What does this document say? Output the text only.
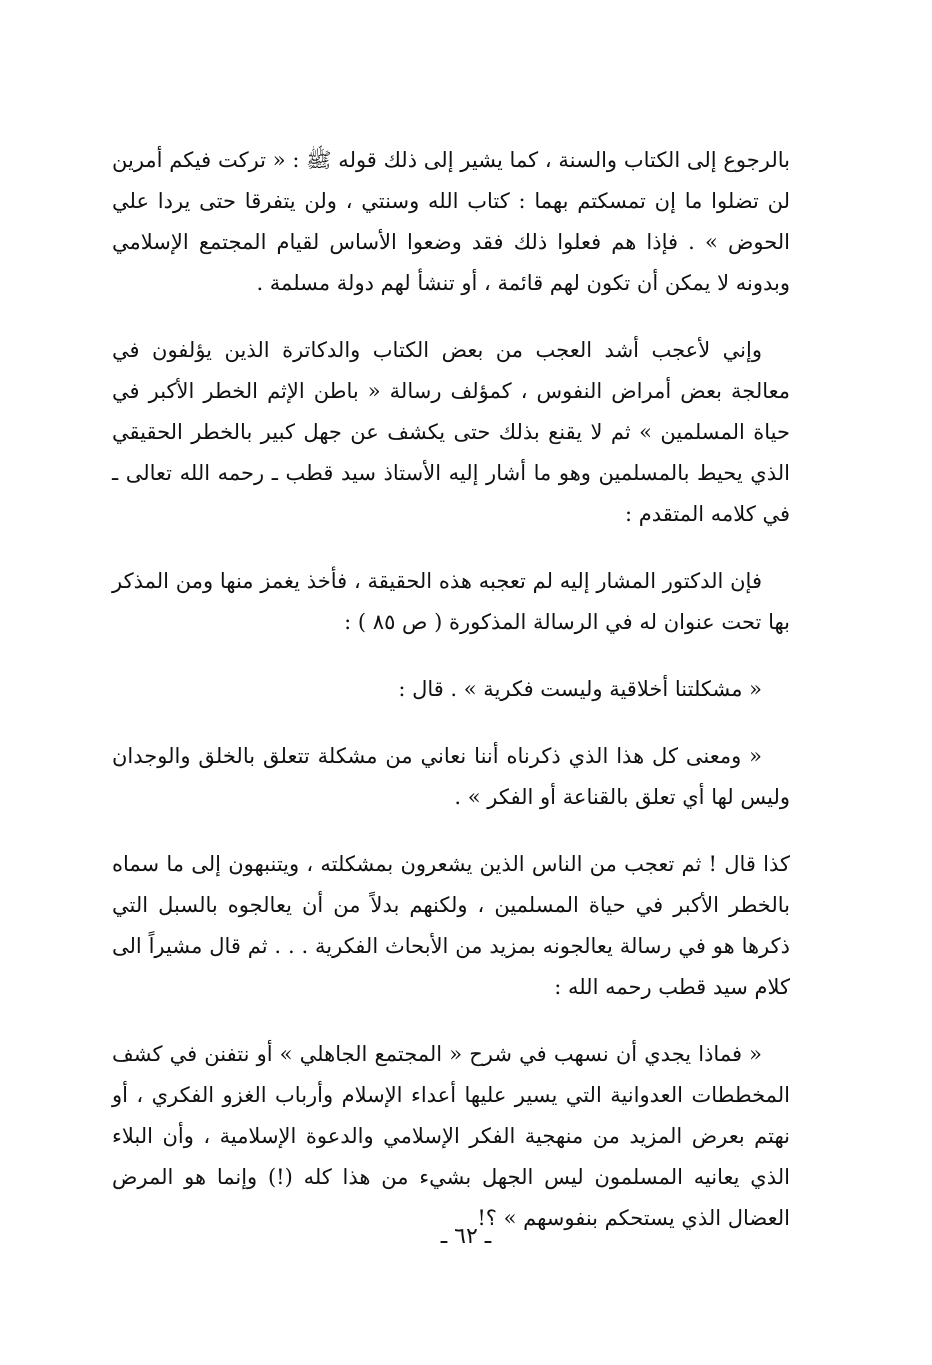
بالرجوع إلى الكتاب والسنة ، كما يشير إلى ذلك قوله ﷺ : « تركت فيكم أمرين لن تضلوا ما إن تمسكتم بهما : كتاب الله وسنتي ، ولن يتفرقا حتى يردا علي الحوض » . فإذا هم فعلوا ذلك فقد وضعوا الأساس لقيام المجتمع الإسلامي وبدونه لا يمكن أن تكون لهم قائمة ، أو تنشأ لهم دولة مسلمة .

وإني لأعجب أشد العجب من بعض الكتاب والدكاترة الذين يؤلفون في معالجة بعض أمراض النفوس ، كمؤلف رسالة « باطن الإثم الخطر الأكبر في حياة المسلمين » ثم لا يقنع بذلك حتى يكشف عن جهل كبير بالخطر الحقيقي الذي يحيط بالمسلمين وهو ما أشار إليه الأستاذ سيد قطب ـ رحمه الله تعالى ـ في كلامه المتقدم :

فإن الدكتور المشار إليه لم تعجبه هذه الحقيقة ، فأخذ يغمز منها ومن المذكر بها تحت عنوان له في الرسالة المذكورة ( ص ٨٥ ) :

« مشكلتنا أخلاقية وليست فكرية » . قال :

« ومعنى كل هذا الذي ذكرناه أننا نعاني من مشكلة تتعلق بالخلق والوجدان وليس لها أي تعلق بالقناعة أو الفكر » .

كذا قال ! ثم تعجب من الناس الذين يشعرون بمشكلته ، ويتنبهون إلى ما سماه بالخطر الأكبر في حياة المسلمين ، ولكنهم بدلاً من أن يعالجوه بالسبل التي ذكرها هو في رسالة يعالجونه بمزيد من الأبحاث الفكرية . . . ثم قال مشيراً الى كلام سيد قطب رحمه الله :

« فماذا يجدي أن نسهب في شرح « المجتمع الجاهلي » أو نتفنن في كشف المخططات العدوانية التي يسير عليها أعداء الإسلام وأرباب الغزو الفكري ، أو نهتم بعرض المزيد من منهجية الفكر الإسلامي والدعوة الإسلامية ، وأن البلاء الذي يعانيه المسلمون ليس الجهل بشيء من هذا كله (!) وإنما هو المرض العضال الذي يستحكم بنفوسهم » ؟!

ـ ٦٢ ـ
